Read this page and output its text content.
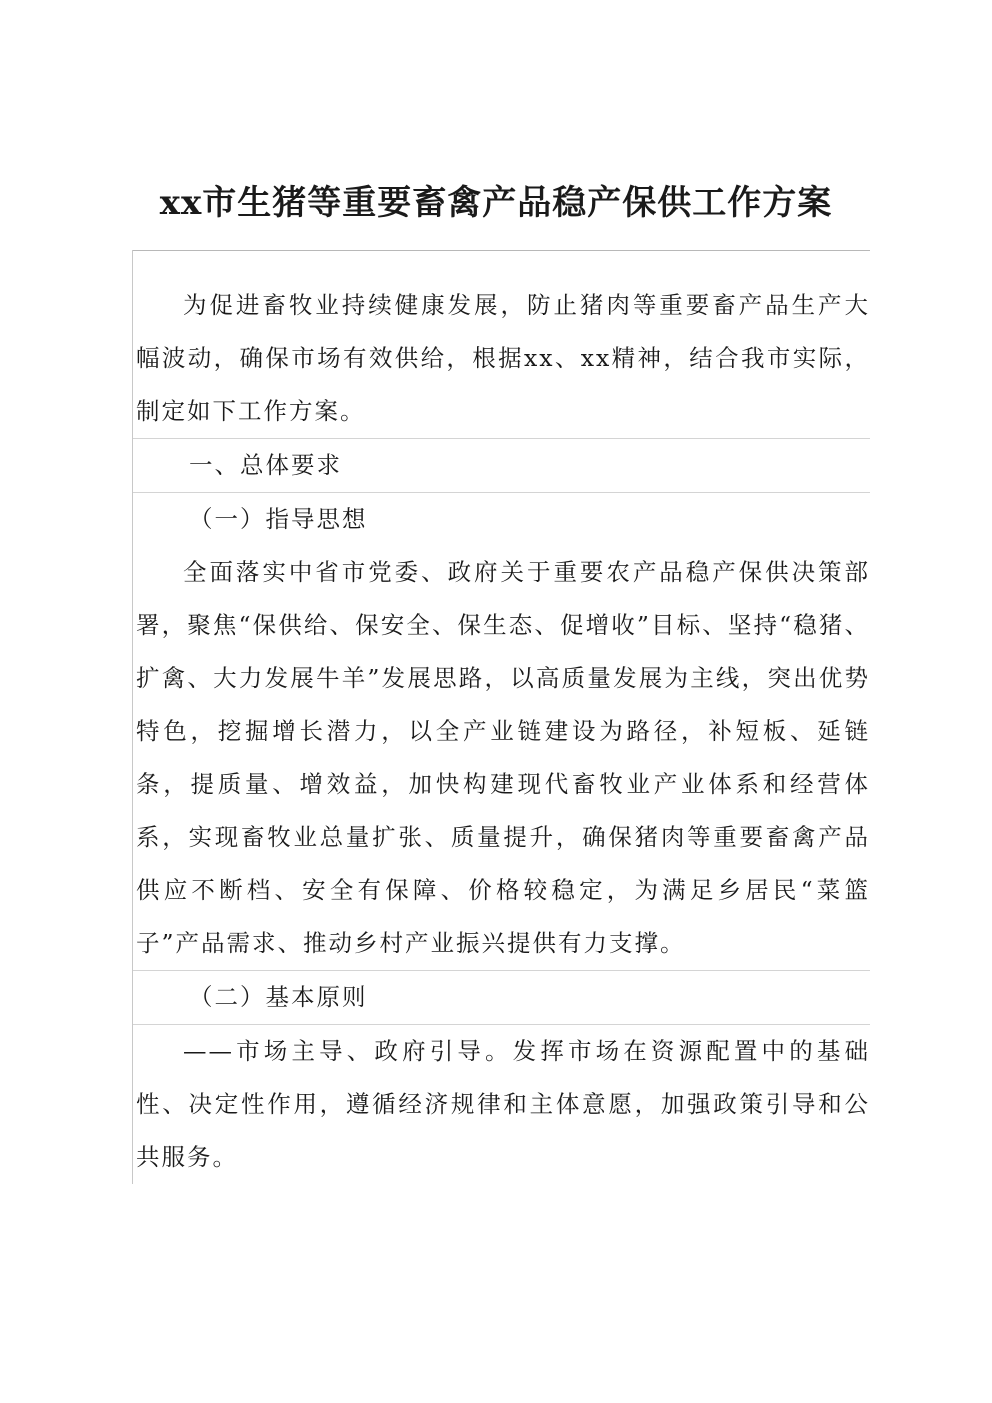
xx市生猪等重要畜禽产品稳产保供工作方案

为促进畜牧业持续健康发展，防止猪肉等重要畜产品生产大幅波动，确保市场有效供给，根据xx、xx精神，结合我市实际，制定如下工作方案。

一、总体要求

（一）指导思想

全面落实中省市党委、政府关于重要农产品稳产保供决策部署，聚焦“保供给、保安全、保生态、促增收”目标、坚持“稳猪、扩禽、大力发展牛羊”发展思路，以高质量发展为主线，突出优势特色，挖掘增长潜力，以全产业链建设为路径，补短板、延链条，提质量、增效益，加快构建现代畜牧业产业体系和经营体系，实现畜牧业总量扩张、质量提升，确保猪肉等重要畜禽产品供应不断档、安全有保障、价格较稳定，为满足乡居民“菜篮子”产品需求、推动乡村产业振兴提供有力支撑。

（二）基本原则

——市场主导、政府引导。发挥市场在资源配置中的基础性、决定性作用，遵循经济规律和主体意愿，加强政策引导和公共服务。
